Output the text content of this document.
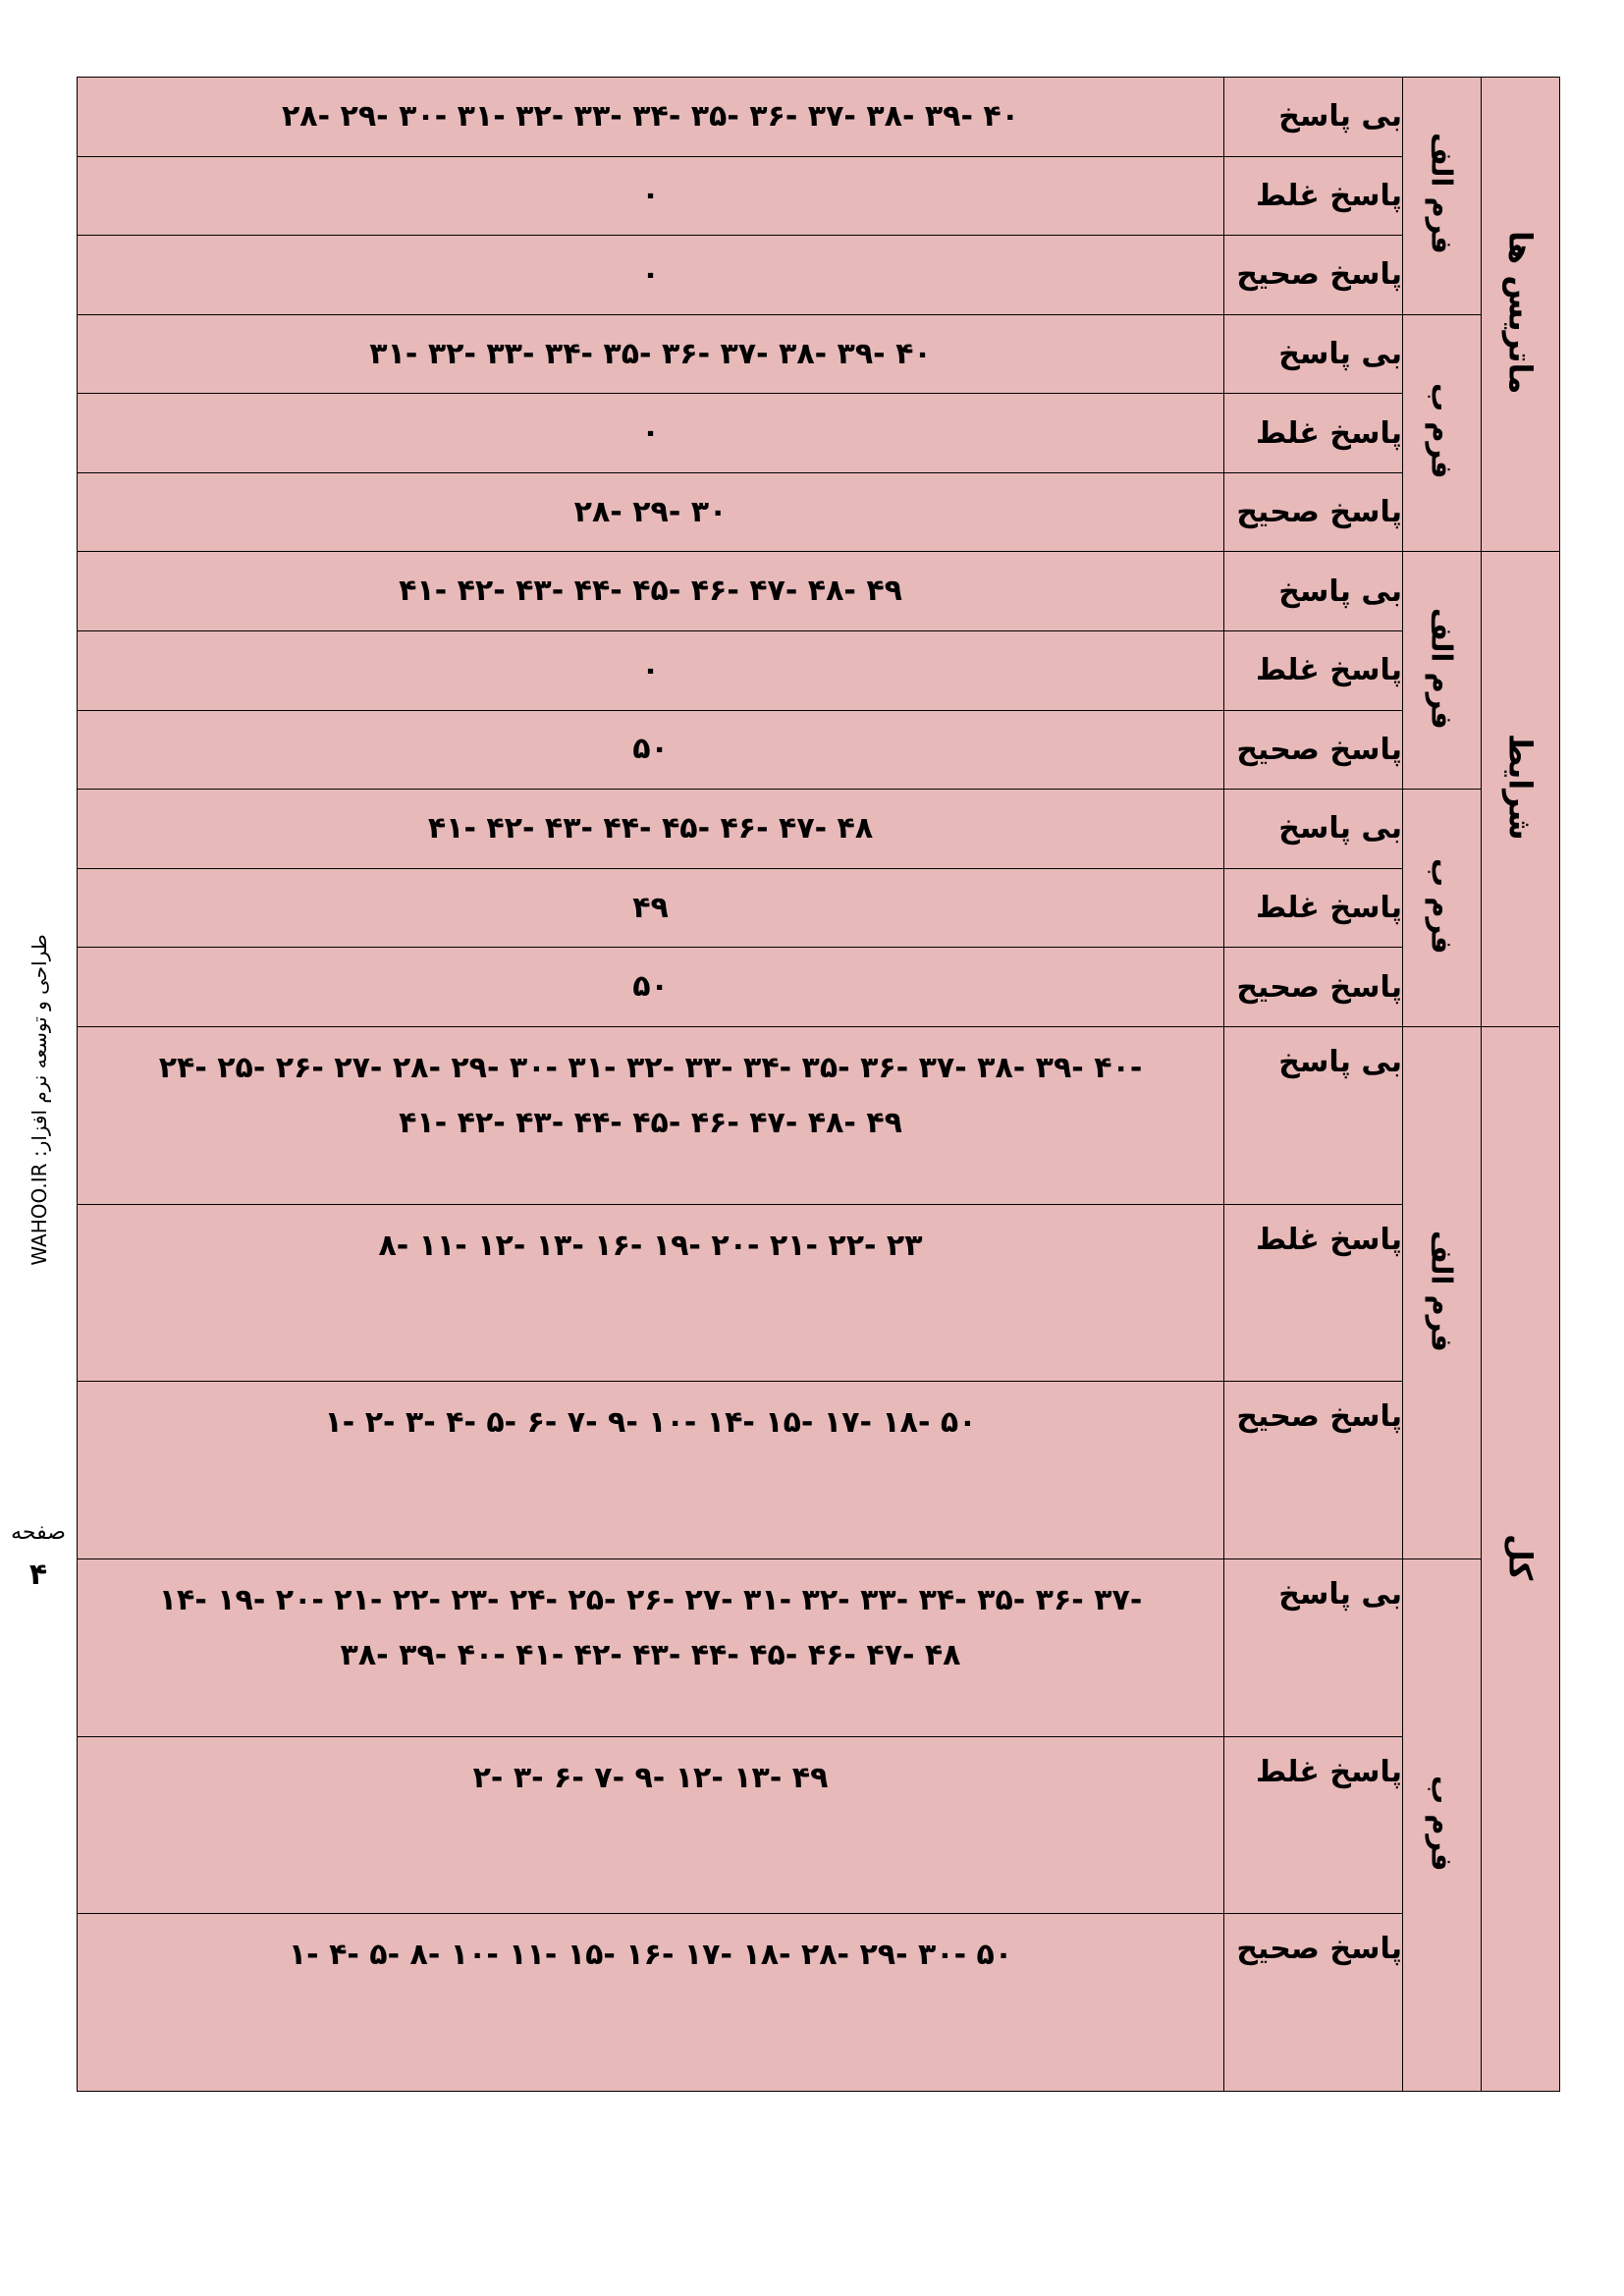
ماتریس ها	فرم الف	بی پاسخ	۴۰ -۳۹ -۳۸ -۳۷ -۳۶ -۳۵ -۳۴ -۳۳ -۳۲ -۳۱ -۳۰ -۲۹ -۲۸

		پاسخ غلط	۰

		پاسخ صحیح	۰

	فرم ب	بی پاسخ	۴۰ -۳۹ -۳۸ -۳۷ -۳۶ -۳۵ -۳۴ -۳۳ -۳۲ -۳۱

		پاسخ غلط	۰

		پاسخ صحیح	۳۰ -۲۹ -۲۸

شرایط	فرم الف	بی پاسخ	۴۹ -۴۸ -۴۷ -۴۶ -۴۵ -۴۴ -۴۳ -۴۲ -۴۱

		پاسخ غلط	۰

		پاسخ صحیح	۵۰

	فرم ب	بی پاسخ	۴۸ -۴۷ -۴۶ -۴۵ -۴۴ -۴۳ -۴۲ -۴۱

		پاسخ غلط	۴۹

		پاسخ صحیح	۵۰

کل	فرم الف	بی پاسخ	-۴۰ -۳۹ -۳۸ -۳۷ -۳۶ -۳۵ -۳۴ -۳۳ -۳۲ -۳۱ -۳۰ -۲۹ -۲۸ -۲۷ -۲۶ -۲۵ -۲۴
۴۹ -۴۸ -۴۷ -۴۶ -۴۵ -۴۴ -۴۳ -۴۲ -۴۱

		پاسخ غلط	۲۳ -۲۲ -۲۱ -۲۰ -۱۹ -۱۶ -۱۳ -۱۲ -۱۱ -۸

		پاسخ صحیح	۵۰ -۱۸ -۱۷ -۱۵ -۱۴ -۱۰ -۹ -۷ -۶ -۵ -۴ -۳ -۲ -۱

	فرم ب	بی پاسخ	-۳۷ -۳۶ -۳۵ -۳۴ -۳۳ -۳۲ -۳۱ -۲۷ -۲۶ -۲۵ -۲۴ -۲۳ -۲۲ -۲۱ -۲۰ -۱۹ -۱۴
۴۸ -۴۷ -۴۶ -۴۵ -۴۴ -۴۳ -۴۲ -۴۱ -۴۰ -۳۹ -۳۸

		پاسخ غلط	۴۹ -۱۳ -۱۲ -۹ -۷ -۶ -۳ -۲

		پاسخ صحیح	۵۰ -۳۰ -۲۹ -۲۸ -۱۸ -۱۷ -۱۶ -۱۵ -۱۱ -۱۰ -۸ -۵ -۴ -۱
طراحی و توسعه نرم افزار: WAHOO.IR
صفحه
۴
